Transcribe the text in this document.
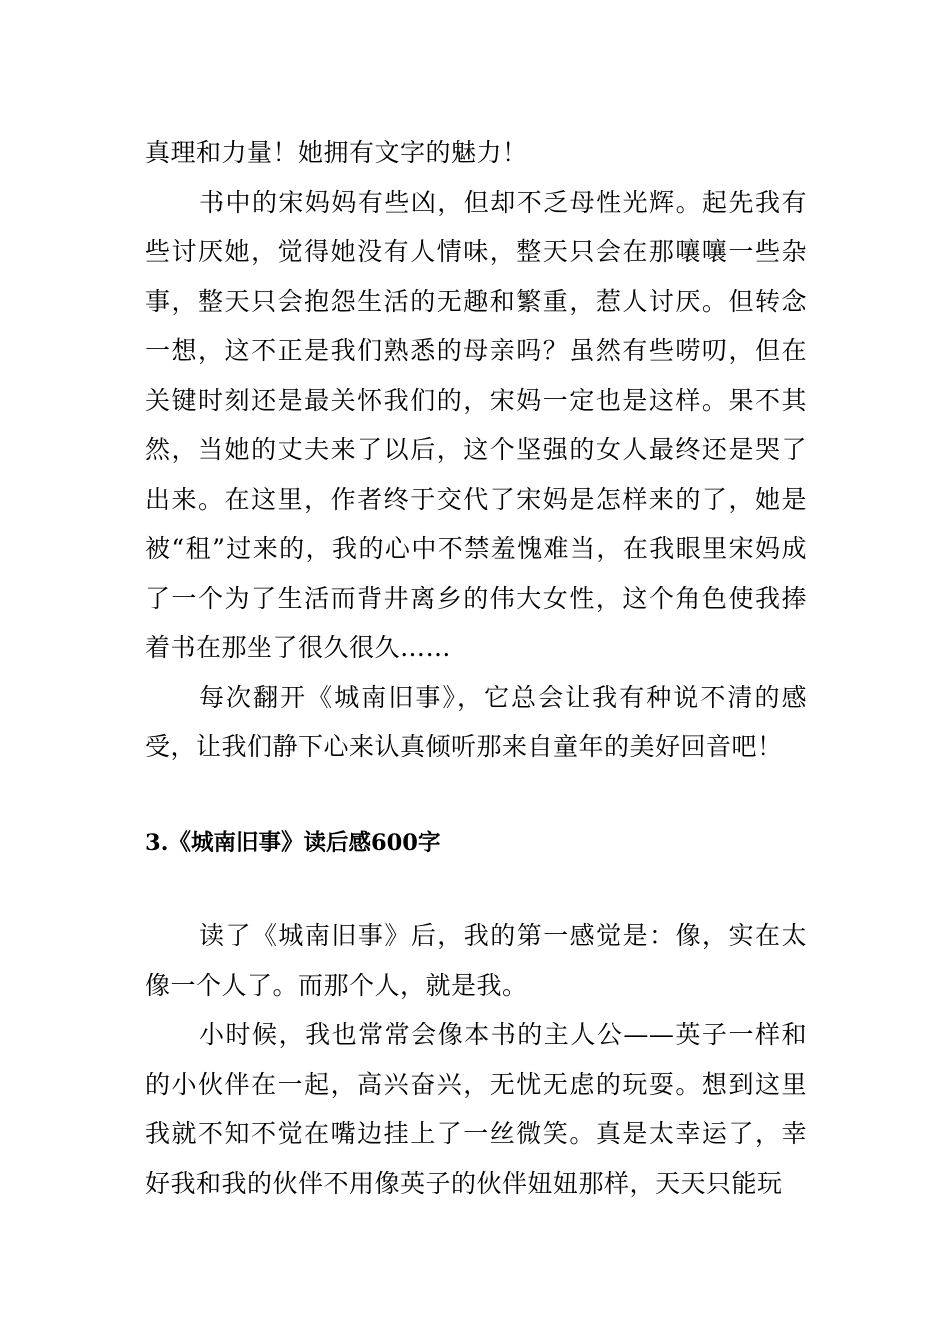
真理和力量！她拥有文字的魅力！

书中的宋妈妈有些凶，但却不乏母性光辉。起先我有些讨厌她，觉得她没有人情味，整天只会在那嚷嚷一些杂事，整天只会抱怨生活的无趣和繁重，惹人讨厌。但转念一想，这不正是我们熟悉的母亲吗？虽然有些唠叨，但在关键时刻还是最关怀我们的，宋妈一定也是这样。果不其然，当她的丈夫来了以后，这个坚强的女人最终还是哭了出来。在这里，作者终于交代了宋妈是怎样来的了，她是被“租”过来的，我的心中不禁羞愧难当，在我眼里宋妈成了一个为了生活而背井离乡的伟大女性，这个角色使我捧着书在那坐了很久很久……

每次翻开《城南旧事》，它总会让我有种说不清的感受，让我们静下心来认真倾听那来自童年的美好回音吧！

3.《城南旧事》读后感600字

读了《城南旧事》后，我的第一感觉是：像，实在太像一个人了。而那个人，就是我。

小时候，我也常常会像本书的主人公——英子一样和的小伙伴在一起，高兴奋兴，无忧无虑的玩耍。想到这里我就不知不觉在嘴边挂上了一丝微笑。真是太幸运了，幸好我和我的伙伴不用像英子的伙伴妞妞那样，天天只能玩
